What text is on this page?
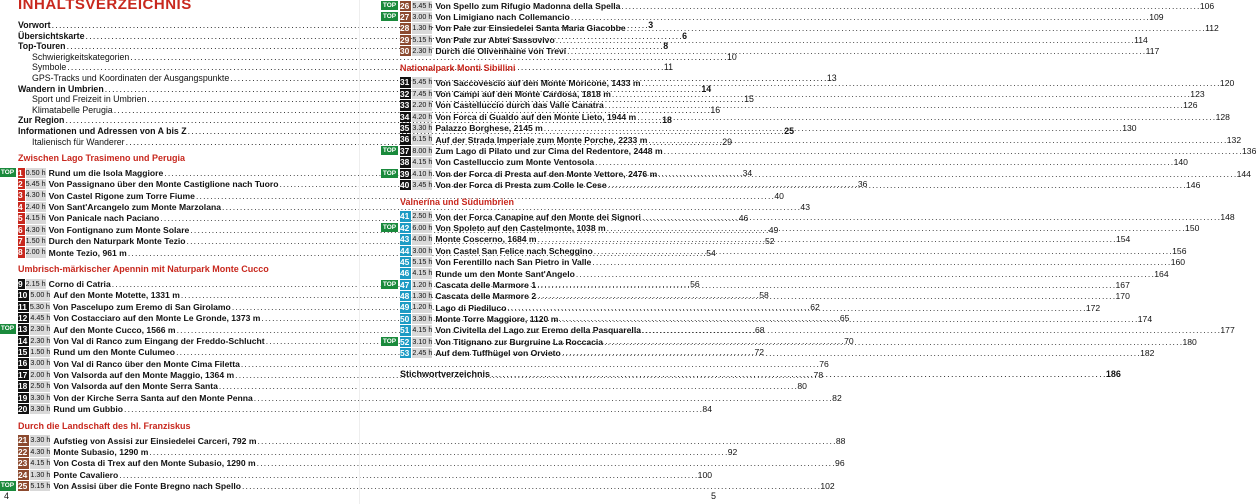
INHALTSVERZEICHNIS
Vorwort . . .	3
Übersichtskarte . . .	6
Top-Touren . . .	8
Schwierigkeitskategorien . . .	10
Symbole . . .	11
GPS-Tracks und Koordinaten der Ausgangspunkte . . .	13
Wandern in Umbrien . . .	14
Sport und Freizeit in Umbrien . . .	15
Klimatabelle Perugia . . .	16
Zur Region . . .	18
Informationen und Adressen von A bis Z . . .	25
Italienisch für Wanderer . . .	29
Zwischen Lago Trasimeno und Perugia
TOP 1 0.50 h Rund um die Isola Maggiore . . .	34
2 5.45 h Von Passignano über den Monte Castiglione nach Tuoro . . .	36
3 4.30 h Von Castel Rigone zum Torre Fiume . . .	40
4 2.40 h Von Sant'Arcangelo zum Monte Marzolana . . .	43
5 4.15 h Von Panicale nach Paciano . . .	46
6 4.30 h Von Fontignano zum Monte Solare . . .	49
7 1.50 h Durch den Naturpark Monte Tezio . . .	52
8 2.00 h Monte Tezio, 961 m . . .	54
Umbrisch-märkischer Apennin mit Naturpark Monte Cucco
9 2.15 h Corno di Catria . . .	56
10 5.00 h Auf den Monte Motette, 1331 m . . .	58
11 5.30 h Von Pascelupo zum Eremo di San Girolamo . . .	62
12 4.45 h Von Costacciaro auf den Monte Le Gronde, 1373 m . . .	65
TOP 13 2.30 h Auf den Monte Cucco, 1566 m . . .	68
14 2.30 h Von Val di Ranco zum Eingang der Freddo-Schlucht . . .	70
15 1.50 h Rund um den Monte Culumeo . . .	72
16 3.00 h Von Val di Ranco über den Monte Cima Filetta . . .	76
17 2.00 h Von Valsorda auf den Monte Maggio, 1364 m . . .	78
18 2.50 h Von Valsorda auf den Monte Serra Santa . . .	80
19 3.30 h Von der Kirche Serra Santa auf den Monte Penna . . .	82
20 3.30 h Rund um Gubbio . . .	84
Durch die Landschaft des hl. Franziskus
21 3.30 h Aufstieg von Assisi zur Einsiedelei Carceri, 792 m . . .	88
22 4.30 h Monte Subasio, 1290 m . . .	92
23 4.15 h Von Costa di Trex auf den Monte Subasio, 1290 m . . .	96
24 1.30 h Ponte Cavaliero . . .	100
TOP 25 5.15 h Von Assisi über die Fonte Bregno nach Spello . . .	102
4
TOP 26 5.45 h Von Spello zum Rifugio Madonna della Spella . . .	106
TOP 27 3.00 h Von Limigiano nach Collemancio . . .	109
28 1.30 h Von Pale zur Einsiedelei Santa Maria Giacobbe . . .	112
29 5.15 h Von Pale zur Abtei Sassovivo . . .	114
30 2.30 h Durch die Olivenhaine von Trevi . . .	117
Nationalpark Monti Sibillini
31 5.45 h Von Saccovescio auf den Monte Moricone, 1433 m . . .	120
32 7.45 h Von Campi auf den Monte Cardosa, 1818 m . . .	123
33 2.20 h Von Castelluccio durch das Valle Canatra . . .	126
34 4.20 h Von Forca di Gualdo auf den Monte Lieto, 1944 m . . .	128
35 3.30 h Palazzo Borghese, 2145 m . . .	130
36 6.15 h Auf der Strada Imperiale zum Monte Porche, 2233 m . . .	132
TOP 37 8.00 h Zum Lago di Pilato und zur Cima del Redentore, 2448 m . . .	136
38 4.15 h Von Castelluccio zum Monte Ventosola . . .	140
TOP 39 4.10 h Von der Forca di Presta auf den Monte Vettore, 2476 m . . .	144
40 3.45 h Von der Forca di Presta zum Colle le Cese . . .	146
Valnerina und Südumbrien
41 2.50 h Von der Forca Canapine auf den Monte dei Signori . . .	148
TOP 42 6.00 h Von Spoleto auf den Castelmonte, 1038 m . . .	150
43 4.00 h Monte Coscerno, 1684 m . . .	154
44 3.00 h Von Castel San Felice nach Scheggino . . .	156
45 5.15 h Von Ferentillo nach San Pietro in Valle . . .	160
46 4.15 h Runde um den Monte Sant'Angelo . . .	164
TOP 47 1.20 h Cascata delle Marmore 1 . . .	167
48 1.30 h Cascata delle Marmore 2 . . .	170
49 1.20 h Lago di Piediluco . . .	172
50 3.30 h Monte Torre Maggiore, 1120 m . . .	174
51 4.15 h Von Civitella del Lago zur Eremo della Pasquarella . . .	177
TOP 52 3.10 h Von Titignano zur Burgruine La Roccacia . . .	180
53 2.45 h Auf dem Tuffhügel von Orvieto . . .	182
Stichwortverzeichnis . . .	186
5
